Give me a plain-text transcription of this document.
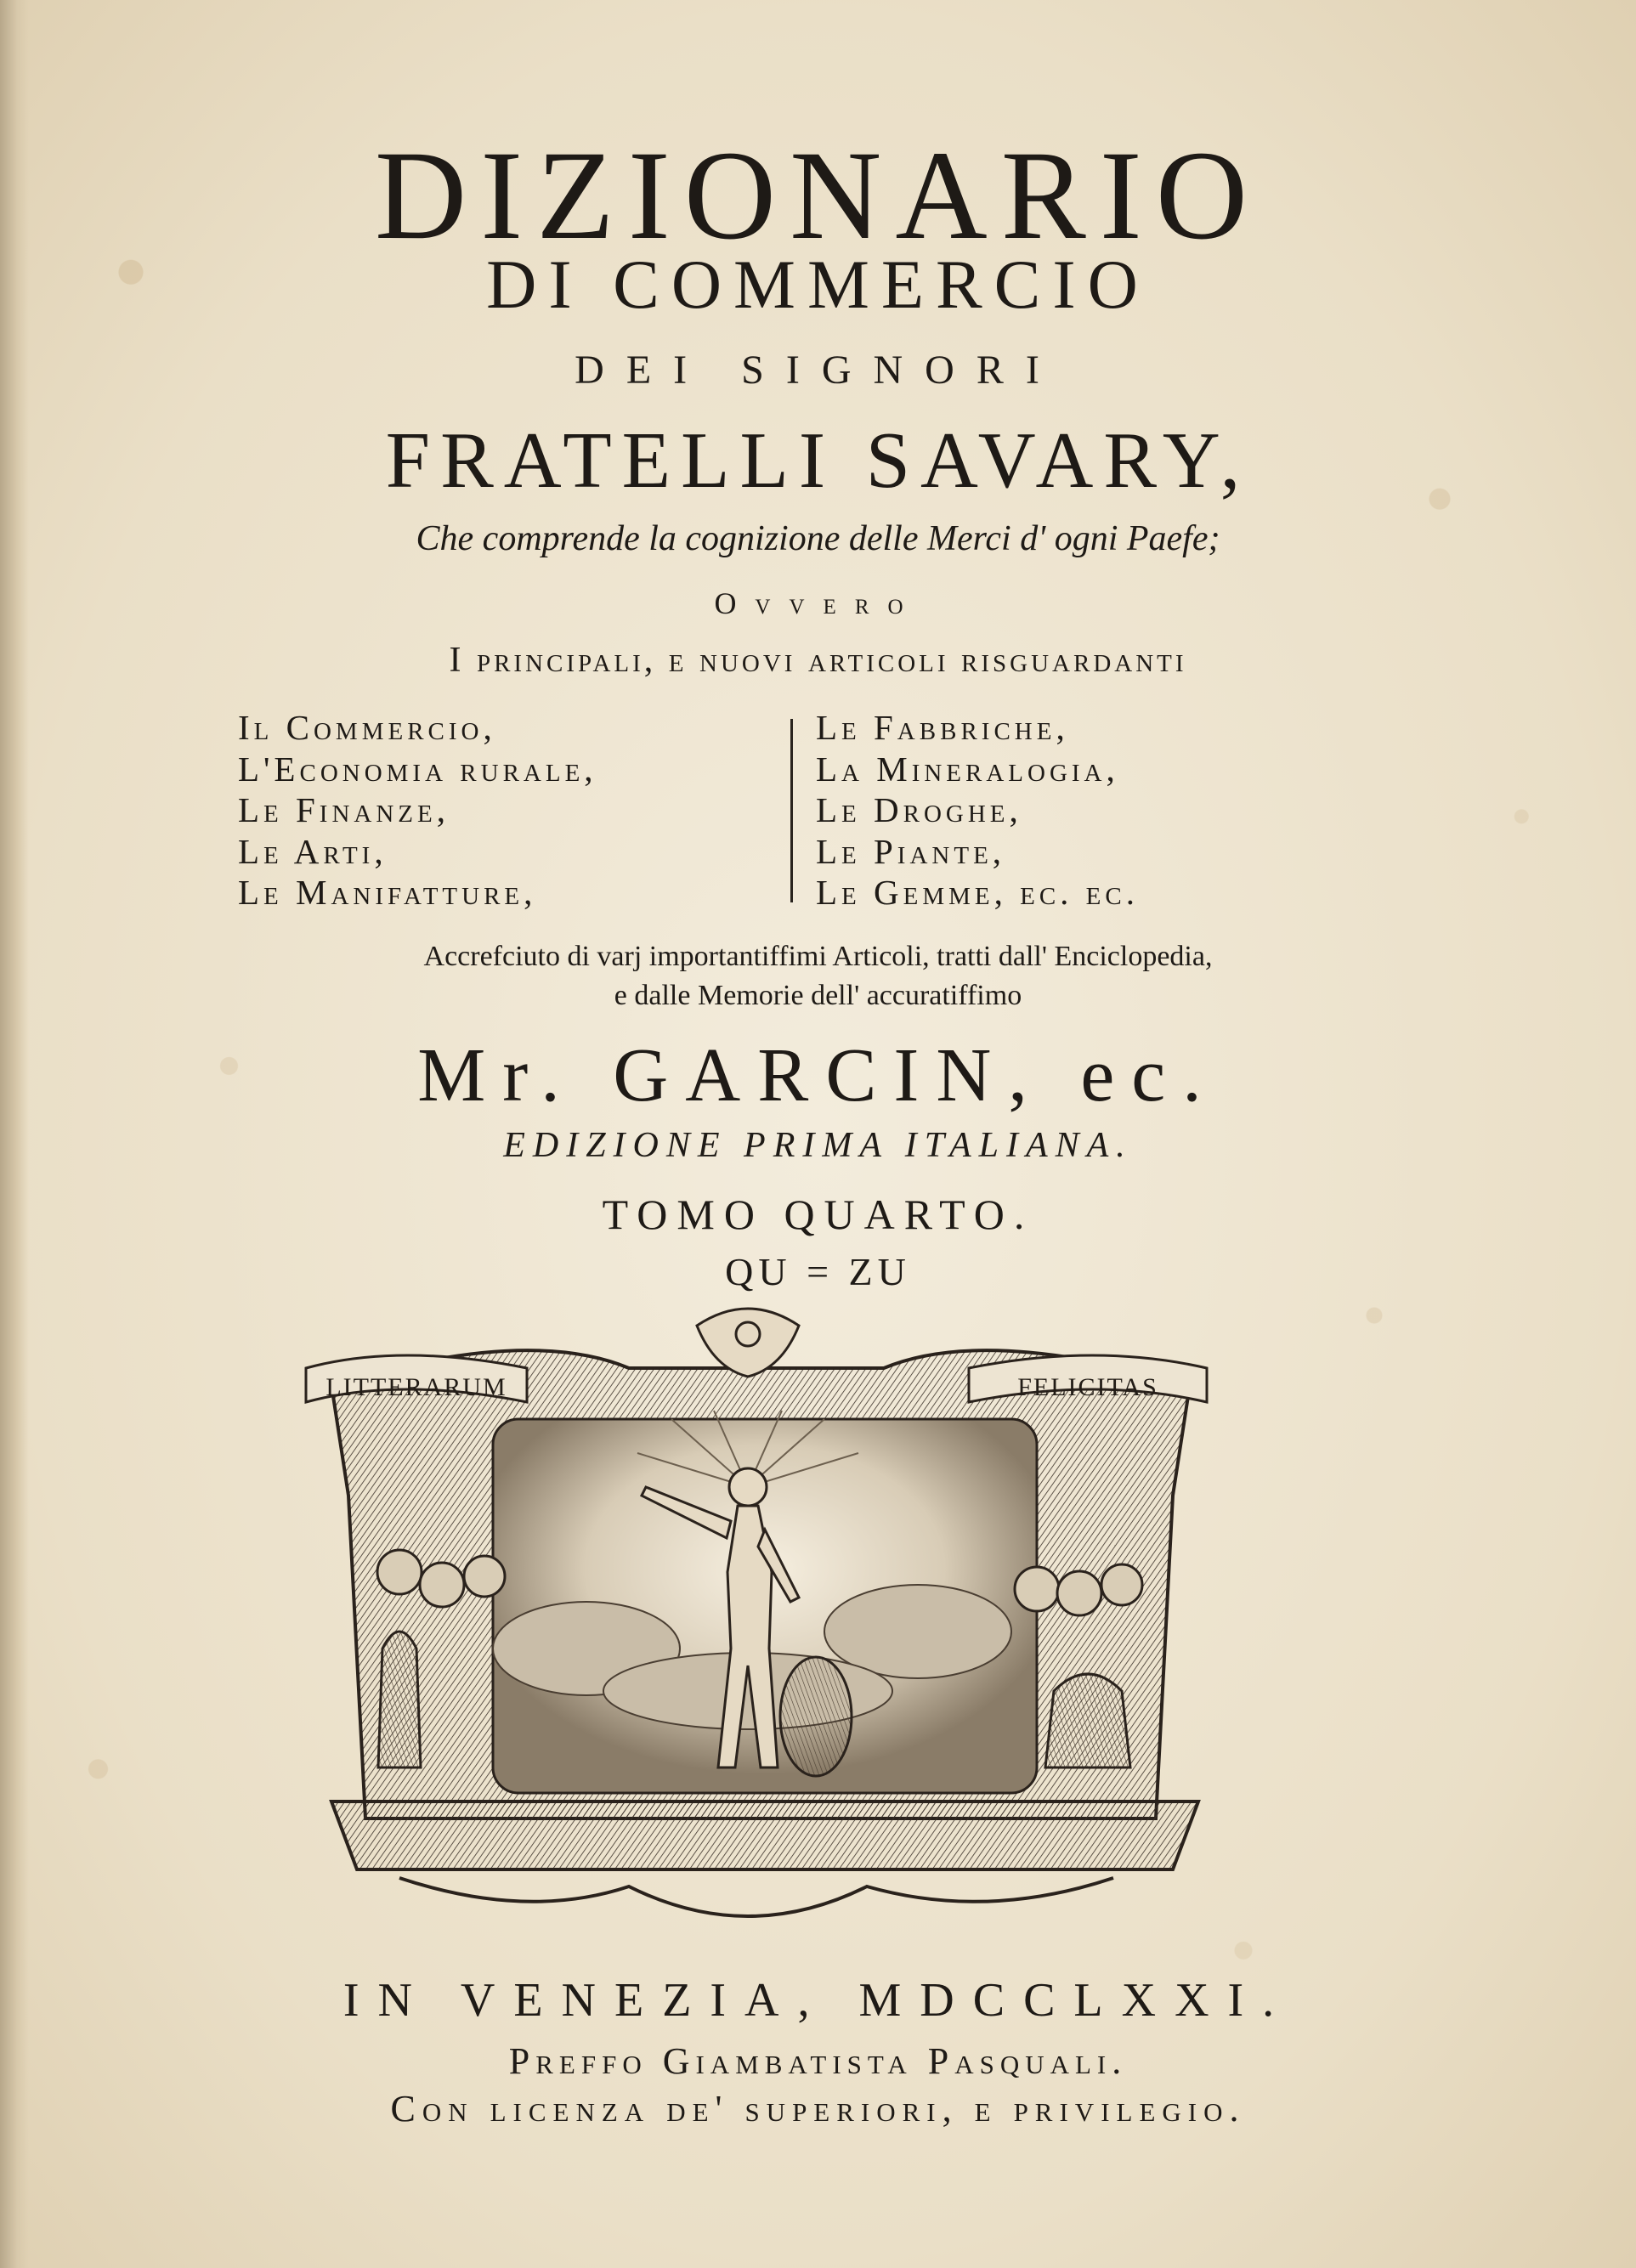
DIZIONARIO
DI COMMERCIO
DEI SIGNORI
FRATELLI SAVARY,
Che comprende la cognizione delle Merci d' ogni Paefe;
Ovvero
I principali, e nuovi articoli risguardanti
Il Commercio,
L'Economia rurale,
Le Finanze,
Le Arti,
Le Manifatture,
Le Fabbriche,
La Mineralogia,
Le Droghe,
Le Piante,
Le Gemme, ec. ec.
Accrefciuto di varj importantiffimi Articoli, tratti dall' Enciclopedia,
e dalle Memorie dell' accuratiffimo
Mr. GARCIN, ec.
EDIZIONE PRIMA ITALIANA.
TOMO QUARTO.
QU = ZU
LITTERARUM	FELICITAS
IN VENEZIA, MDCCLXXI.
Preffo Giambatista Pasquali.
Con licenza de' superiori, e privilegio.
